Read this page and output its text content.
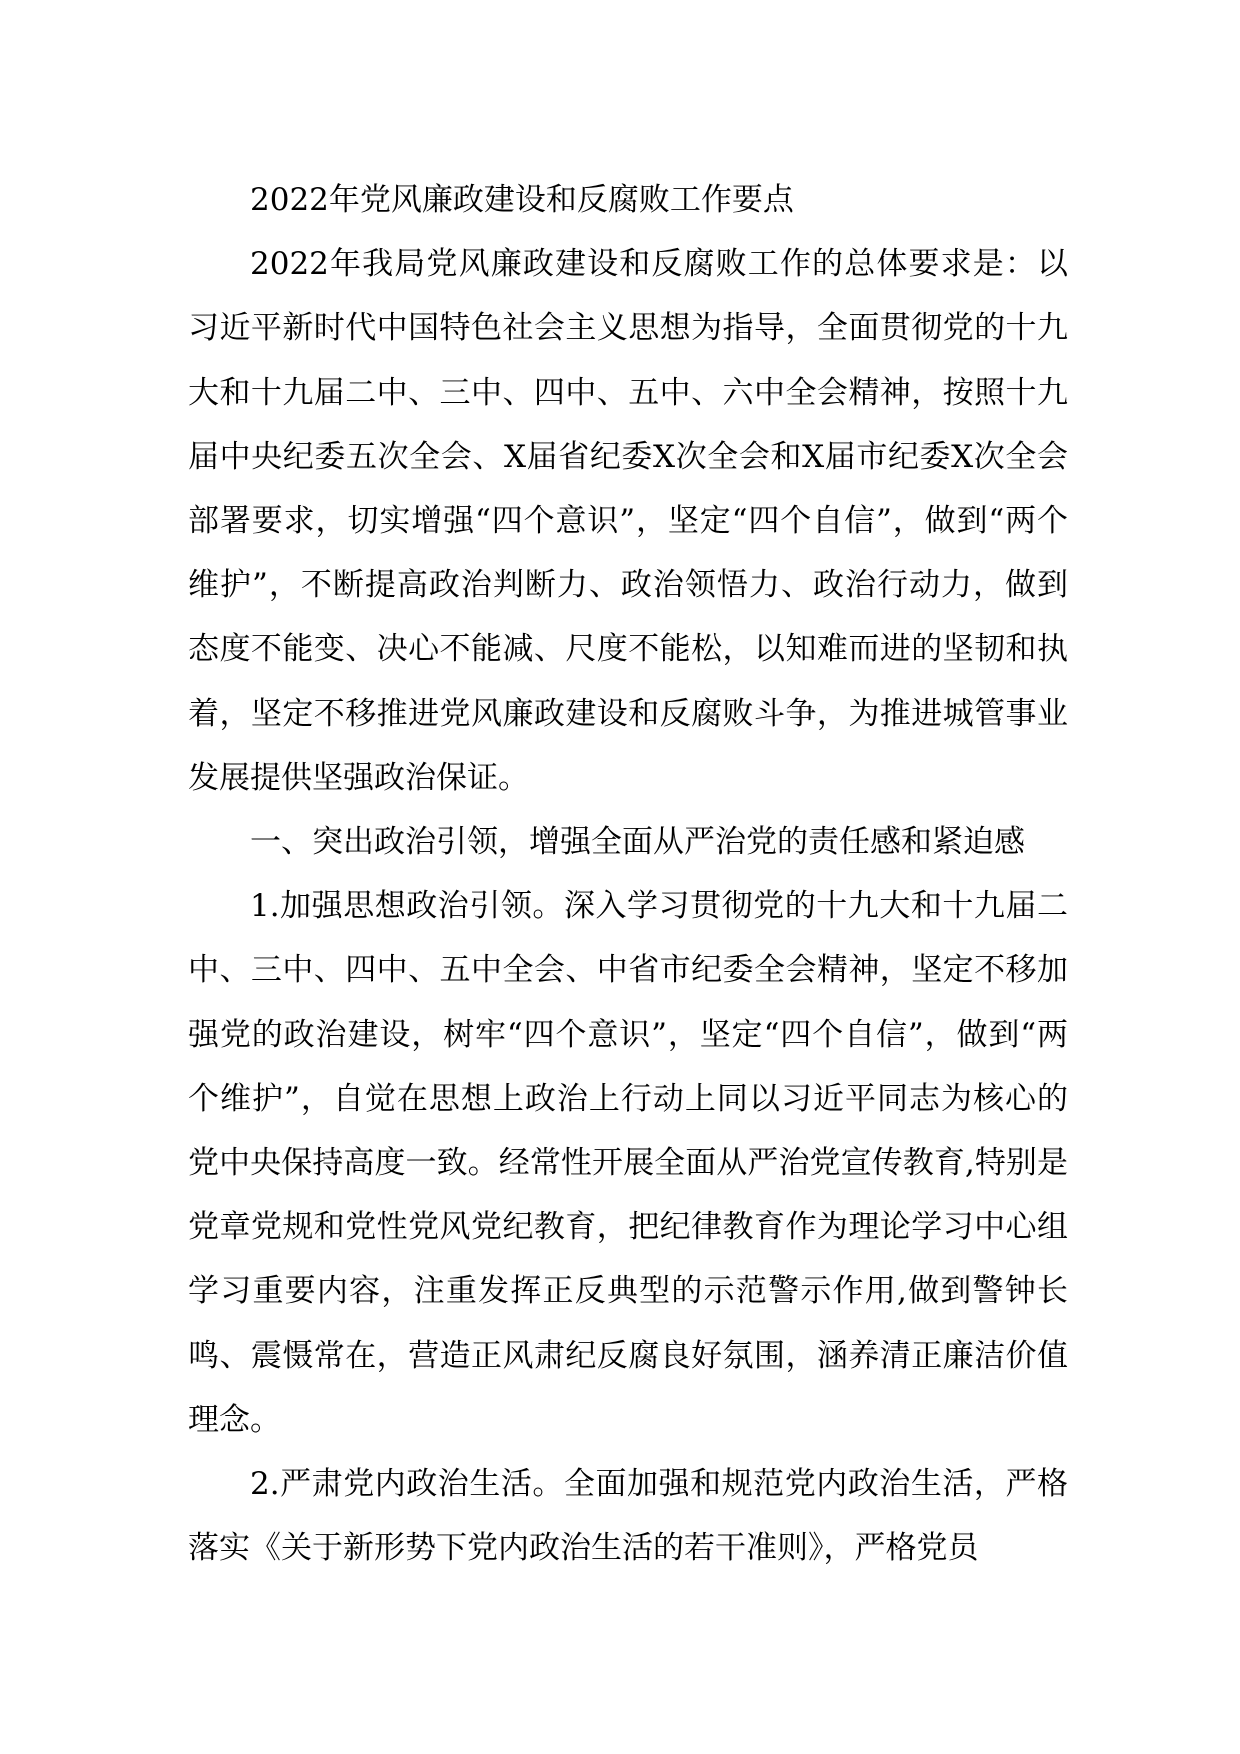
2022年党风廉政建设和反腐败工作要点

2022年我局党风廉政建设和反腐败工作的总体要求是：以习近平新时代中国特色社会主义思想为指导，全面贯彻党的十九大和十九届二中、三中、四中、五中、六中全会精神，按照十九届中央纪委五次全会、X届省纪委X次全会和X届市纪委X次全会部署要求，切实增强“四个意识”，坚定“四个自信”，做到“两个维护”，不断提高政治判断力、政治领悟力、政治行动力，做到态度不能变、决心不能减、尺度不能松，以知难而进的坚韧和执着，坚定不移推进党风廉政建设和反腐败斗争，为推进城管事业发展提供坚强政治保证。

一、突出政治引领，增强全面从严治党的责任感和紧迫感

1.加强思想政治引领。深入学习贯彻党的十九大和十九届二中、三中、四中、五中全会、中省市纪委全会精神，坚定不移加强党的政治建设，树牢“四个意识”，坚定“四个自信”，做到“两个维护”，自觉在思想上政治上行动上同以习近平同志为核心的党中央保持高度一致。经常性开展全面从严治党宣传教育,特别是党章党规和党性党风党纪教育，把纪律教育作为理论学习中心组学习重要内容，注重发挥正反典型的示范警示作用,做到警钟长鸣、震慑常在，营造正风肃纪反腐良好氛围，涵养清正廉洁价值理念。

2.严肃党内政治生活。全面加强和规范党内政治生活，严格落实《关于新形势下党内政治生活的若干准则》，严格党员
